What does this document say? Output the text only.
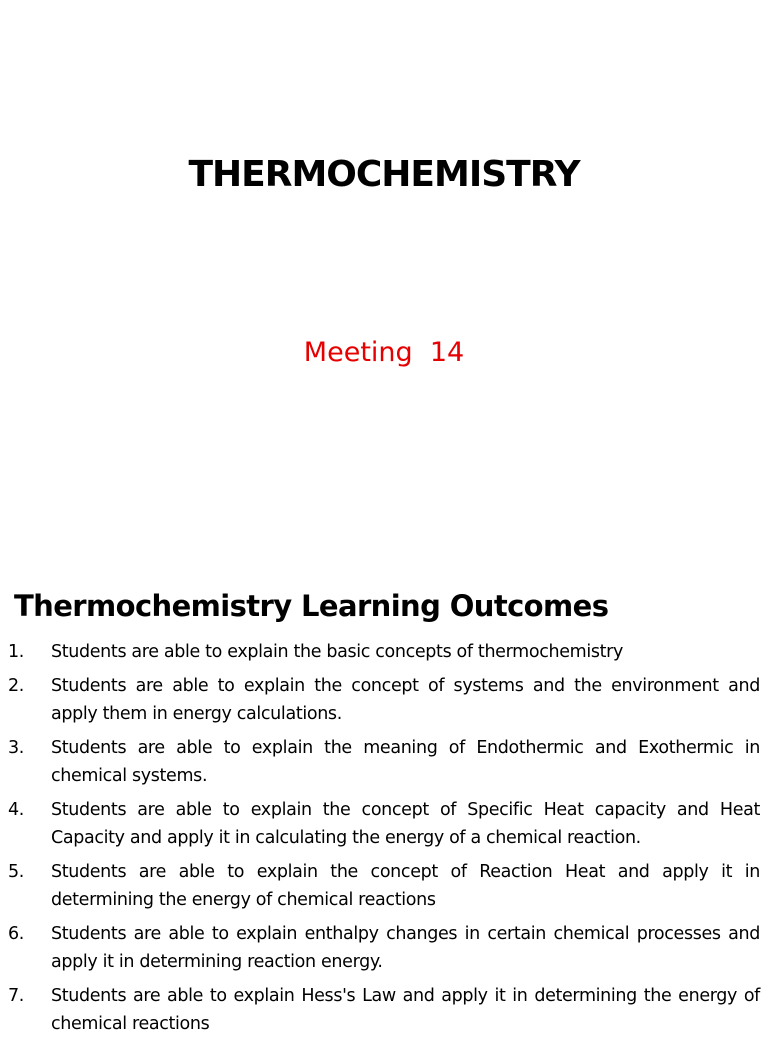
THERMOCHEMISTRY
Meeting  14
Thermochemistry Learning Outcomes
1. Students are able to explain the basic concepts of thermochemistry
2. Students are able to explain the concept of systems and the environment and apply them in energy calculations.
3. Students are able to explain the meaning of Endothermic and Exothermic in chemical systems.
4. Students are able to explain the concept of Specific Heat capacity and Heat Capacity and apply it in calculating the energy of a chemical reaction.
5. Students are able to explain the concept of Reaction Heat and apply it in determining the energy of chemical reactions
6. Students are able to explain enthalpy changes in certain chemical processes and apply it in determining reaction energy.
7. Students are able to explain Hess's Law and apply it in determining the energy of chemical reactions
